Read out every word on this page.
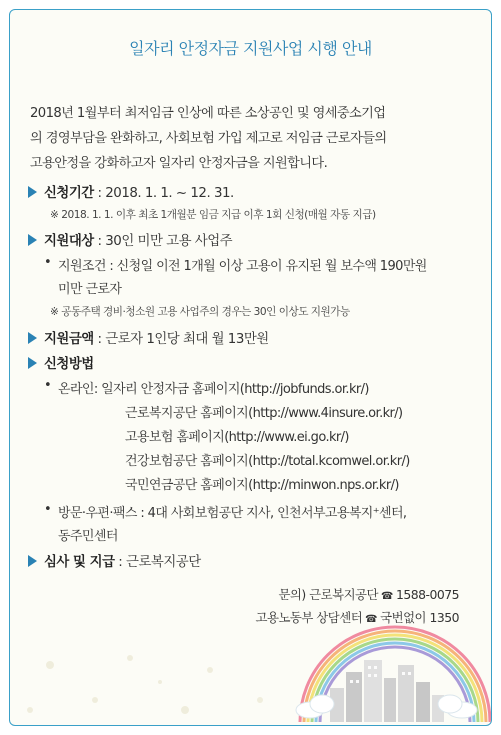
일자리 안정자금 지원사업 시행 안내
2018년 1월부터 최저임금 인상에 따른 소상공인 및 영세중소기업
의 경영부담을 완화하고, 사회보험 가입 제고로 저임금 근로자들의
고용안정을 강화하고자 일자리 안정자금을 지원합니다.
신청기간 : 2018. 1. 1. ~ 12. 31.
※ 2018. 1. 1. 이후 최초 1개월분 임금 지급 이후 1회 신청(매월 자동 지급)
지원대상 : 30인 미만 고용 사업주
• 지원조건 : 신청일 이전 1개월 이상 고용이 유지된 월 보수액 190만원
미만 근로자
※ 공동주택 경비·청소원 고용 사업주의 경우는 30인 이상도 지원가능
지원금액 : 근로자 1인당 최대 월 13만원
신청방법
• 온라인: 일자리 안정자금 홈페이지(http://jobfunds.or.kr/)
근로복지공단 홈페이지(http://www.4insure.or.kr/)
고용보험 홈페이지(http://www.ei.go.kr/)
건강보험공단 홈페이지(http://total.kcomwel.or.kr/)
국민연금공단 홈페이지(http://minwon.nps.or.kr/)
• 방문·우편·팩스 : 4대 사회보험공단 지사, 인천서부고용복지⁺센터,
동주민센터
심사 및 지급 : 근로복지공단
문의) 근로복지공단 ☎ 1588-0075
고용노동부 상담센터 ☎ 국번없이 1350
